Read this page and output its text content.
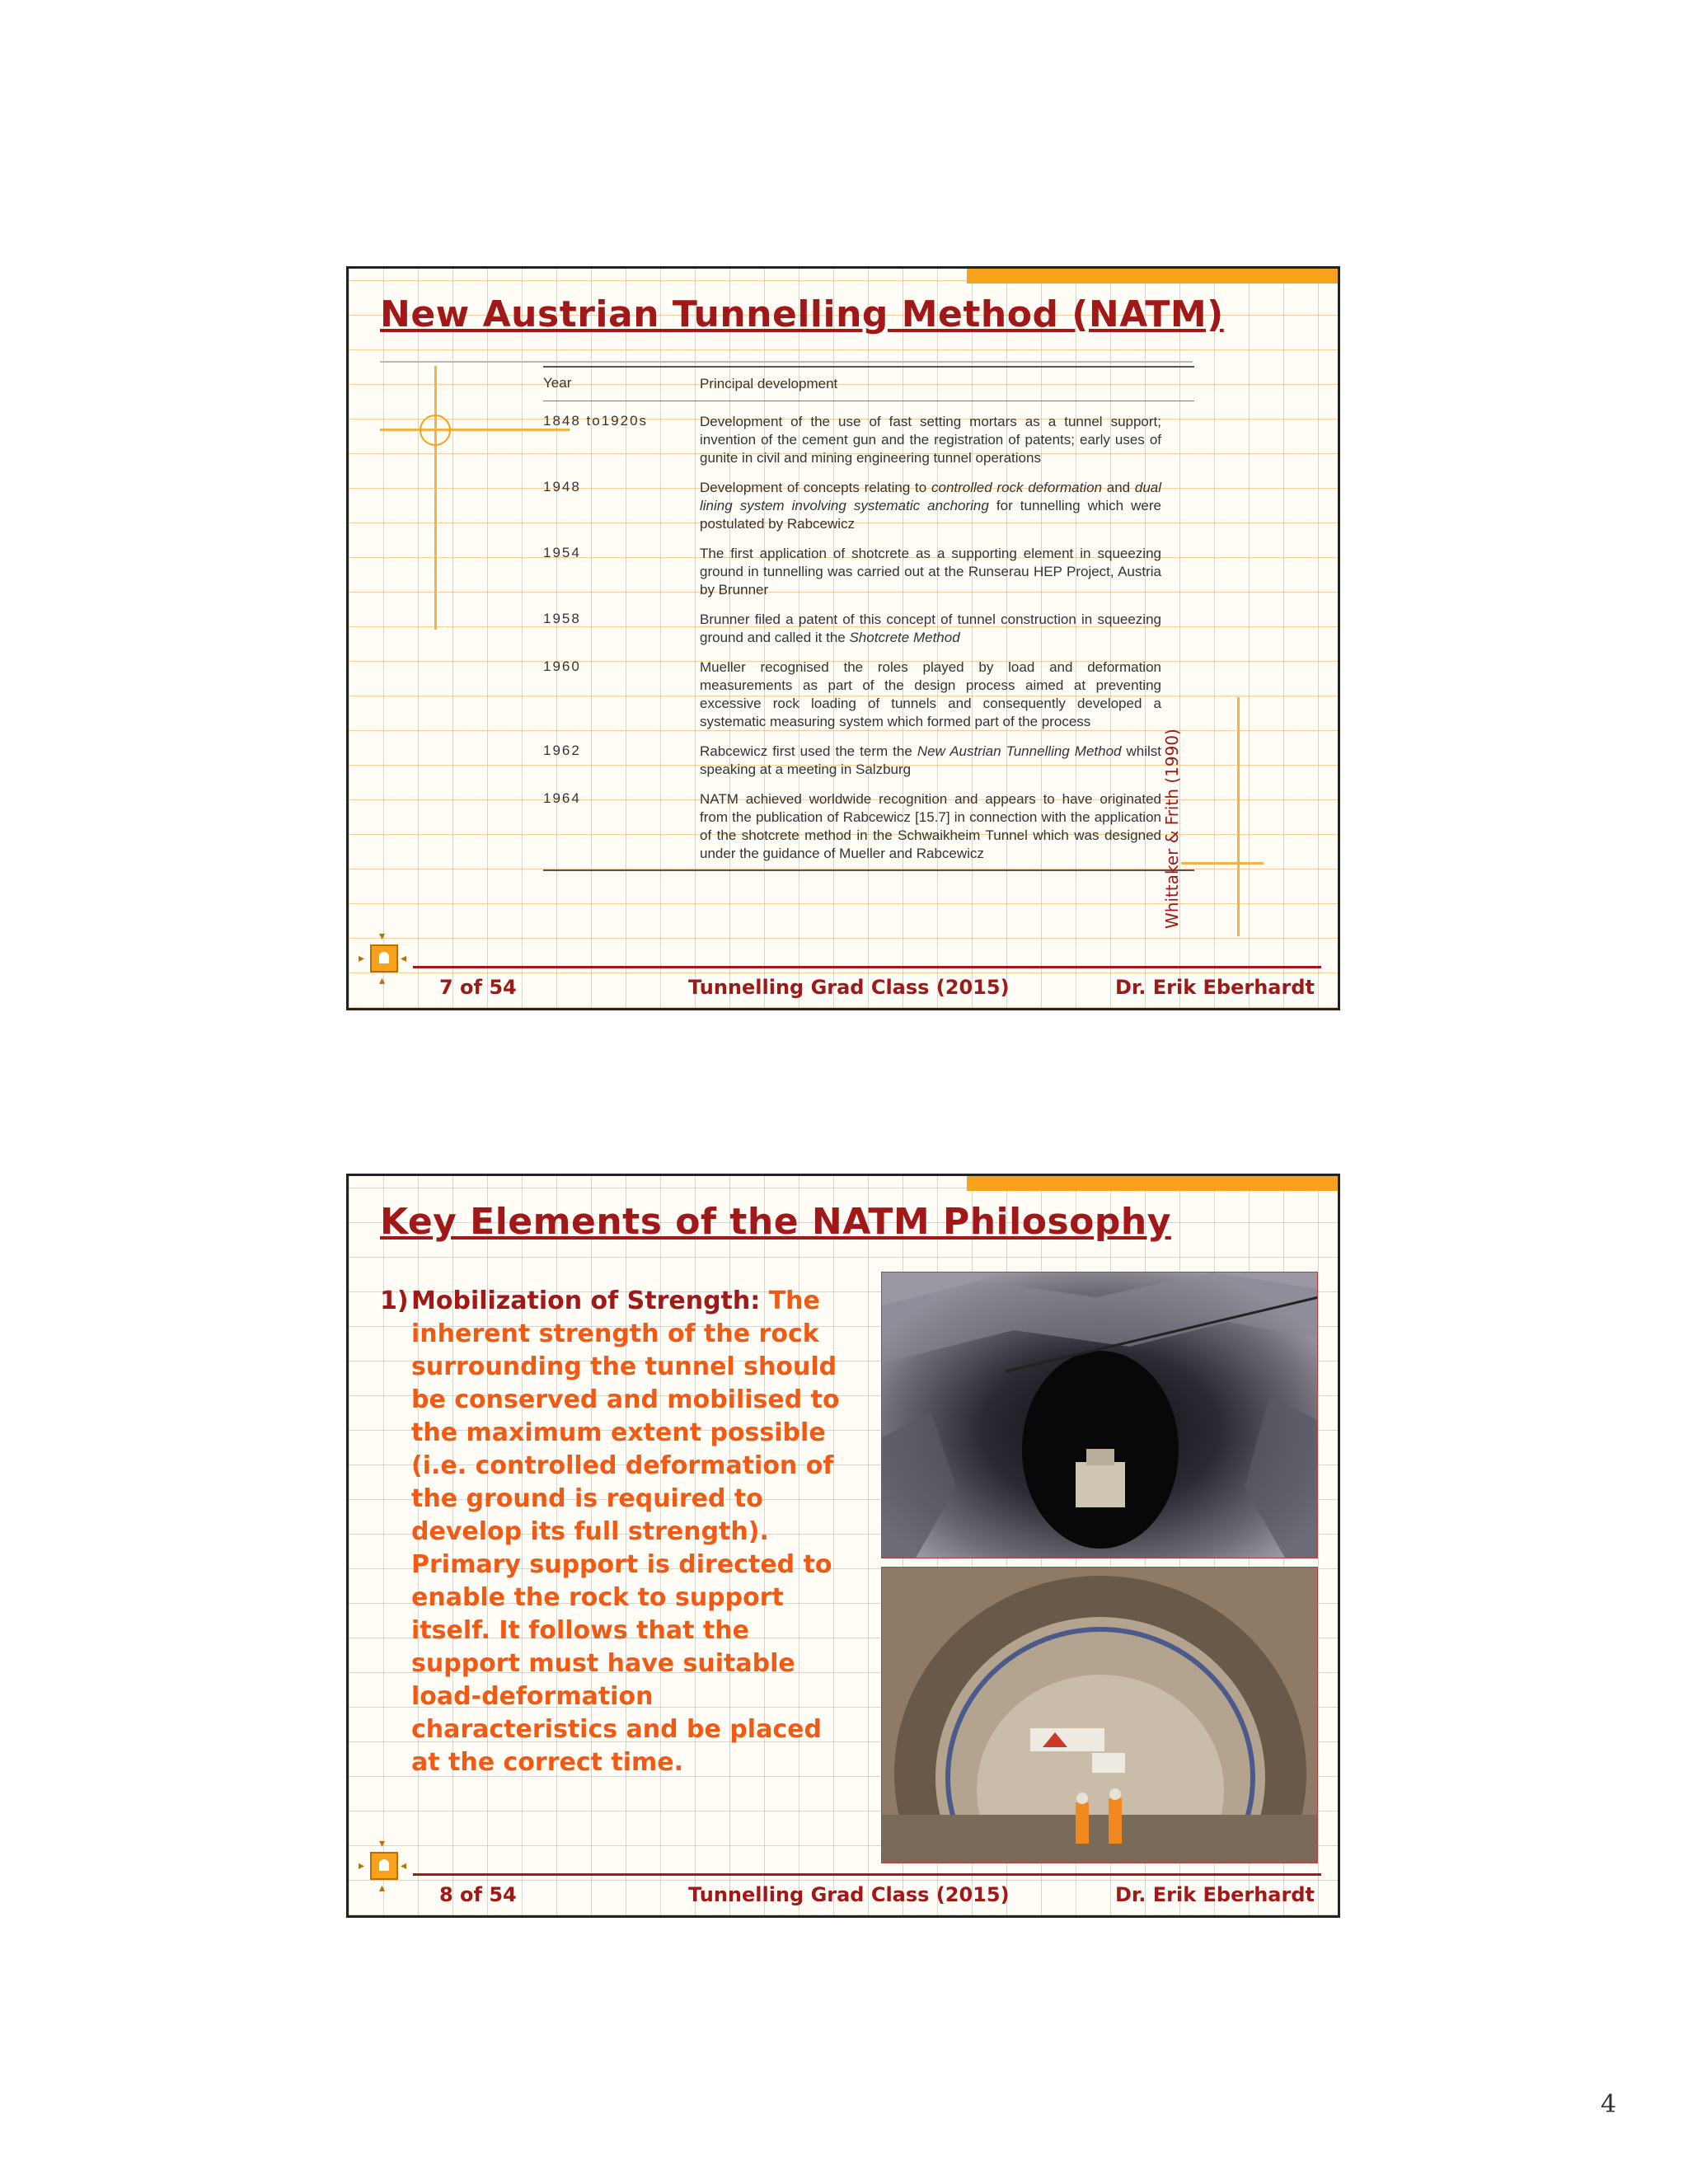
New Austrian Tunnelling Method (NATM)
Year	Principal development
1848 to1920s	Development of the use of fast setting mortars as a tunnel support; invention of the cement gun and the registration of patents; early uses of gunite in civil and mining engineering tunnel operations
1948	Development of concepts relating to controlled rock deformation and dual lining system involving systematic anchoring for tunnelling which were postulated by Rabcewicz
1954	The first application of shotcrete as a supporting element in squeezing ground in tunnelling was carried out at the Runserau HEP Project, Austria by Brunner
1958	Brunner filed a patent of this concept of tunnel construction in squeezing ground and called it the Shotcrete Method
1960	Mueller recognised the roles played by load and deformation measurements as part of the design process aimed at preventing excessive rock loading of tunnels and consequently developed a systematic measuring system which formed part of the process
1962	Rabcewicz first used the term the New Austrian Tunnelling Method whilst speaking at a meeting in Salzburg
1964	NATM achieved worldwide recognition and appears to have originated from the publication of Rabcewicz [15.7] in connection with the application of the shotcrete method in the Schwaikheim Tunnel which was designed under the guidance of Mueller and Rabcewicz	Whittaker & Frith (1990)
▾
▴
▸	◂
7 of 54	Tunnelling Grad Class (2015)	Dr. Erik Eberhardt
Key Elements of the NATM Philosophy
1) Mobilization of Strength: The inherent strength of the rock surrounding the tunnel should be conserved and mobilised to the maximum extent possible (i.e. controlled deformation of the ground is required to develop its full strength). Primary support is directed to enable the rock to support itself. It follows that the support must have suitable load-deformation characteristics and be placed at the correct time.
▾
▴
▸	◂
8 of 54	Tunnelling Grad Class (2015)	Dr. Erik Eberhardt
4
